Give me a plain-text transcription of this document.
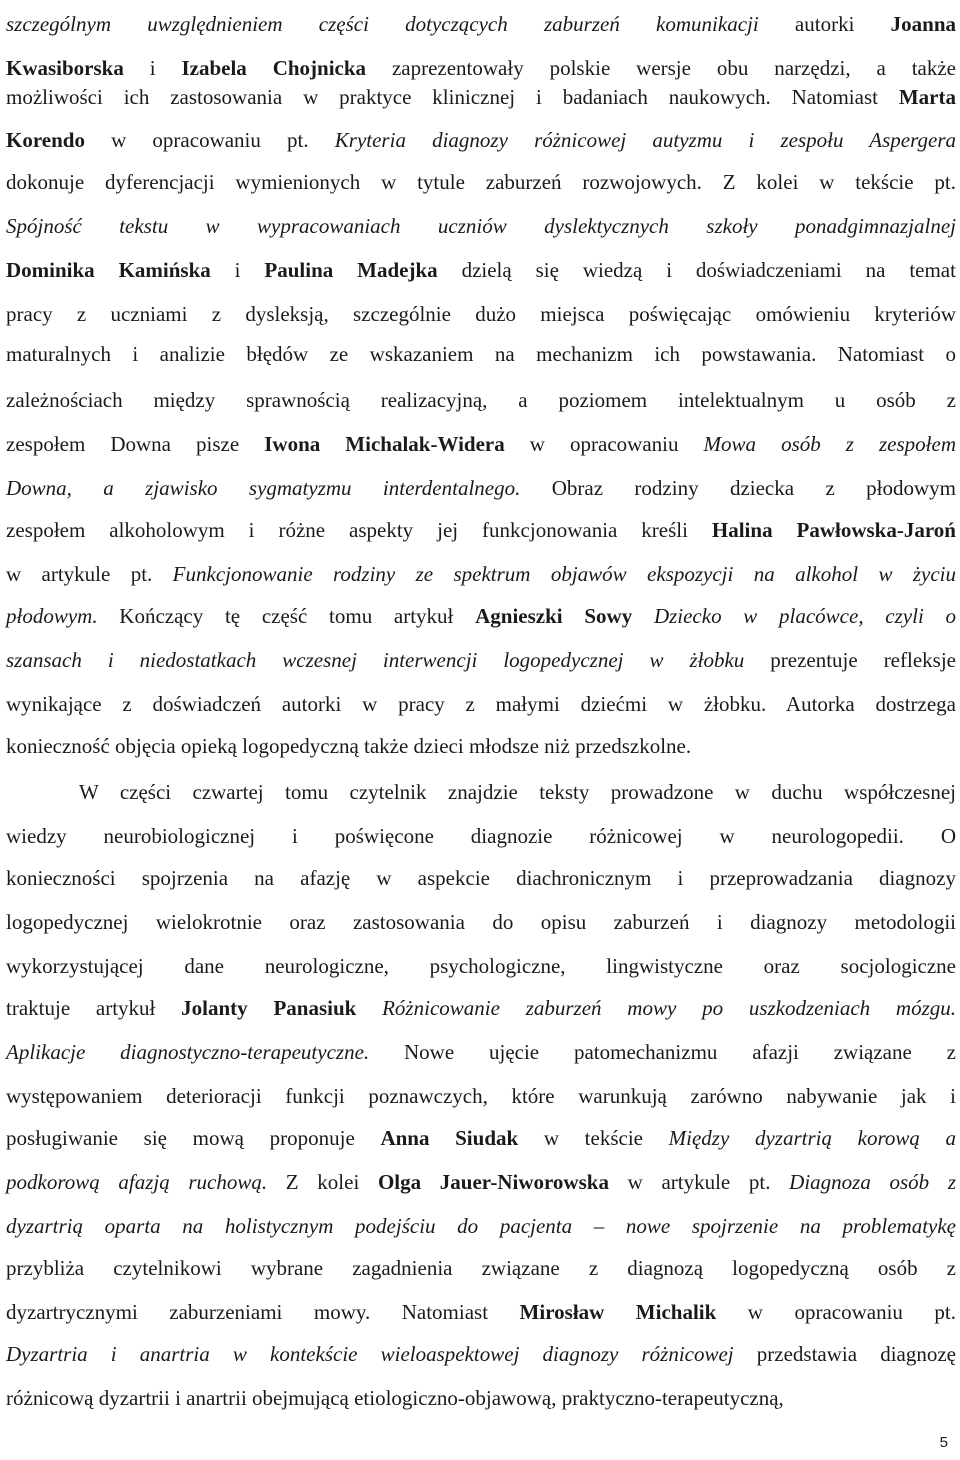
szczególnym uwzględnieniem części dotyczących zaburzeń komunikacji autorki Joanna
Kwasiborska i Izabela Chojnicka zaprezentowały polskie wersje obu narzędzi, a także
możliwości ich zastosowania w praktyce klinicznej i badaniach naukowych. Natomiast Marta
Korendo w opracowaniu pt. Kryteria diagnozy różnicowej autyzmu i zespołu Aspergera
dokonuje dyferencjacji wymienionych w tytule zaburzeń rozwojowych. Z kolei w tekście pt.
Spójność tekstu w wypracowaniach uczniów dyslektycznych szkoły ponadgimnazjalnej
Dominika Kamińska i Paulina Madejka dzielą się wiedzą i doświadczeniami na temat
pracy z uczniami z dysleksją, szczególnie dużo miejsca poświęcając omówieniu kryteriów
maturalnych i analizie błędów ze wskazaniem na mechanizm ich powstawania. Natomiast o
zależnościach między sprawnością realizacyjną, a poziomem intelektualnym u osób z
zespołem Downa pisze Iwona Michalak-Widera w opracowaniu Mowa osób z zespołem
Downa, a zjawisko sygmatyzmu interdentalnego. Obraz rodziny dziecka z płodowym
zespołem alkoholowym i różne aspekty jej funkcjonowania kreśli Halina Pawłowska-Jaroń
w artykule pt. Funkcjonowanie rodziny ze spektrum objawów ekspozycji na alkohol w życiu
płodowym. Kończący tę część tomu artykuł Agnieszki Sowy Dziecko w placówce, czyli o
szansach i niedostatkach wczesnej interwencji logopedycznej w żłobku prezentuje refleksje
wynikające z doświadczeń autorki w pracy z małymi dziećmi w żłobku. Autorka dostrzega
konieczność objęcia opieką logopedyczną także dzieci młodsze niż przedszkolne.
W części czwartej tomu czytelnik znajdzie teksty prowadzone w duchu współczesnej
wiedzy neurobiologicznej i poświęcone diagnozie różnicowej w neurologopedii. O
konieczności spojrzenia na afazję w aspekcie diachronicznym i przeprowadzania diagnozy
logopedycznej wielokrotnie oraz zastosowania do opisu zaburzeń i diagnozy metodologii
wykorzystującej dane neurologiczne, psychologiczne, lingwistyczne oraz socjologiczne
traktuje artykuł Jolanty Panasiuk Różnicowanie zaburzeń mowy po uszkodzeniach mózgu.
Aplikacje diagnostyczno-terapeutyczne. Nowe ujęcie patomechanizmu afazji związane z
występowaniem deterioracji funkcji poznawczych, które warunkują zarówno nabywanie jak i
posługiwanie się mową proponuje Anna Siudak w tekście Między dyzartrią korową a
podkorową afazją ruchową. Z kolei Olga Jauer-Niworowska w artykule pt. Diagnoza osób z
dyzartrią oparta na holistycznym podejściu do pacjenta – nowe spojrzenie na problematykę
przybliża czytelnikowi wybrane zagadnienia związane z diagnozą logopedyczną osób z
dyzartrycznymi zaburzeniami mowy. Natomiast Mirosław Michalik w opracowaniu pt.
Dyzartria i anartria w kontekście wieloaspektowej diagnozy różnicowej przedstawia diagnozę
różnicową dyzartrii i anartrii obejmującą etiologiczno-objawową, praktyczno-terapeutyczną,
5
